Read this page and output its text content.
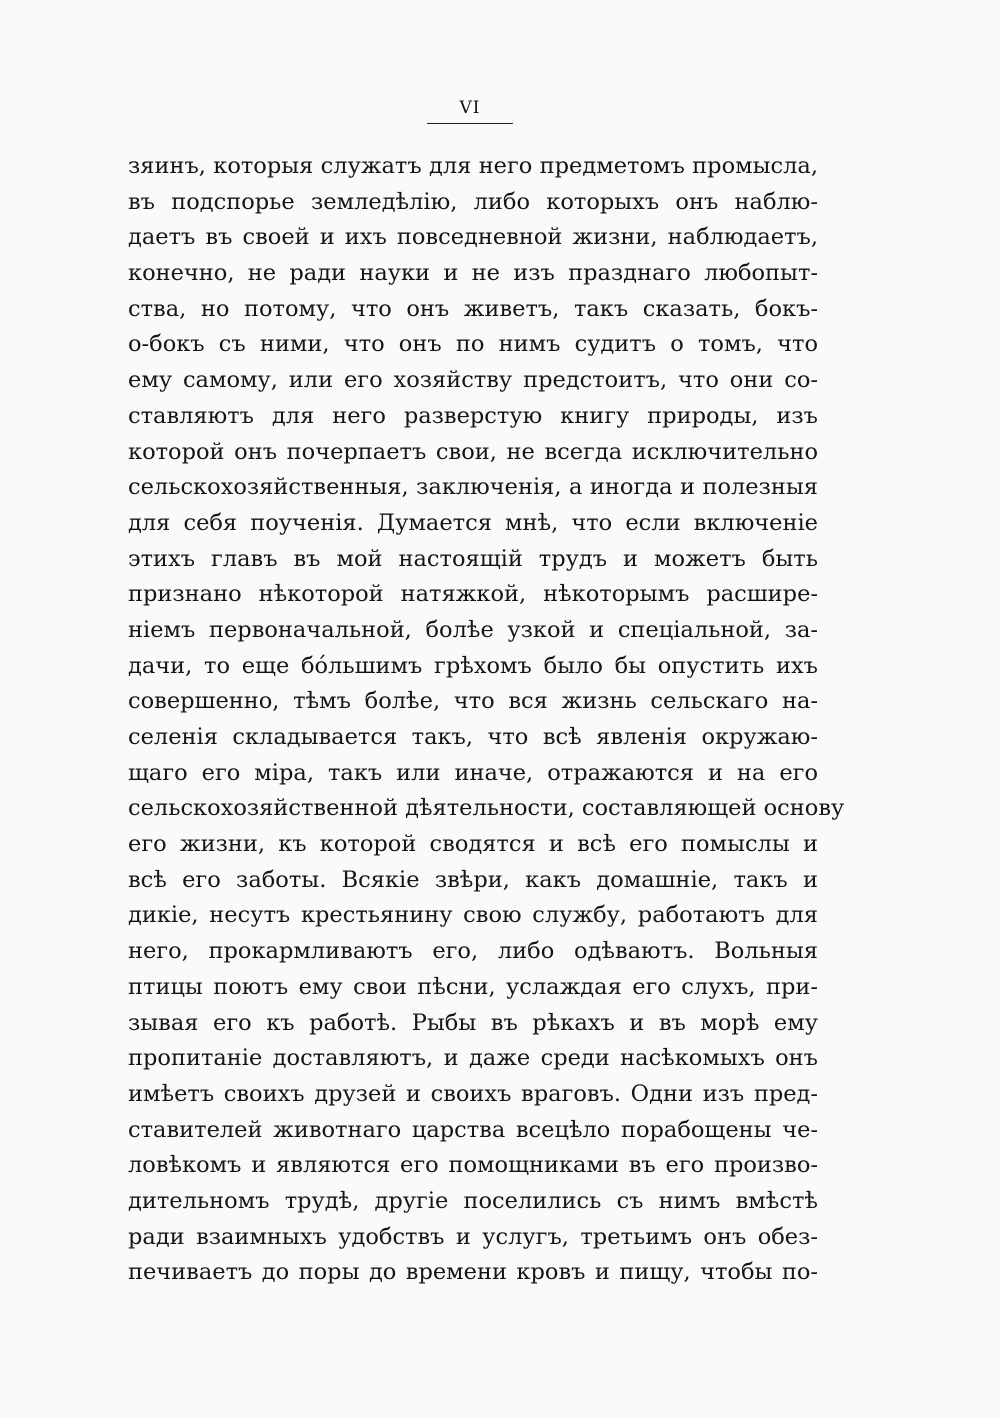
VI
зяинъ, которыя служатъ для него предметомъ промысла,
въ подспорье земледѣлію, либо которыхъ онъ наблю-
даетъ въ своей и ихъ повседневной жизни, наблюдаетъ,
конечно, не ради науки и не изъ празднаго любопыт-
ства, но потому, что онъ живетъ, такъ сказать, бокъ-
о-бокъ съ ними, что онъ по нимъ судитъ о томъ, что
ему самому, или его хозяйству предстоитъ, что они со-
ставляютъ для него разверстую книгу природы, изъ
которой онъ почерпаетъ свои, не всегда исключительно
сельскохозяйственныя, заключенія, а иногда и полезныя
для себя поученія. Думается мнѣ, что если включеніе
этихъ главъ въ мой настоящій трудъ и можетъ быть
признано нѣкоторой натяжкой, нѣкоторымъ расшире-
ніемъ первоначальной, болѣе узкой и спеціальной, за-
дачи, то еще бо́льшимъ грѣхомъ было бы опустить ихъ
совершенно, тѣмъ болѣе, что вся жизнь сельскаго на-
селенія складывается такъ, что всѣ явленія окружаю-
щаго его міра, такъ или иначе, отражаются и на его
сельскохозяйственной дѣятельности, составляющей основу
его жизни, къ которой сводятся и всѣ его помыслы и
всѣ его заботы. Всякіе звѣри, какъ домашніе, такъ и
дикіе, несутъ крестьянину свою службу, работаютъ для
него, прокармливаютъ его, либо одѣваютъ. Вольныя
птицы поютъ ему свои пѣсни, услаждая его слухъ, при-
зывая его къ работѣ. Рыбы въ рѣкахъ и въ морѣ ему
пропитаніе доставляютъ, и даже среди насѣкомыхъ онъ
имѣетъ своихъ друзей и своихъ враговъ. Одни изъ пред-
ставителей животнаго царства всецѣло порабощены че-
ловѣкомъ и являются его помощниками въ его произво-
дительномъ трудѣ, другіе поселились съ нимъ вмѣстѣ
ради взаимныхъ удобствъ и услугъ, третьимъ онъ обез-
печиваетъ до поры до времени кровъ и пищу, чтобы по-
